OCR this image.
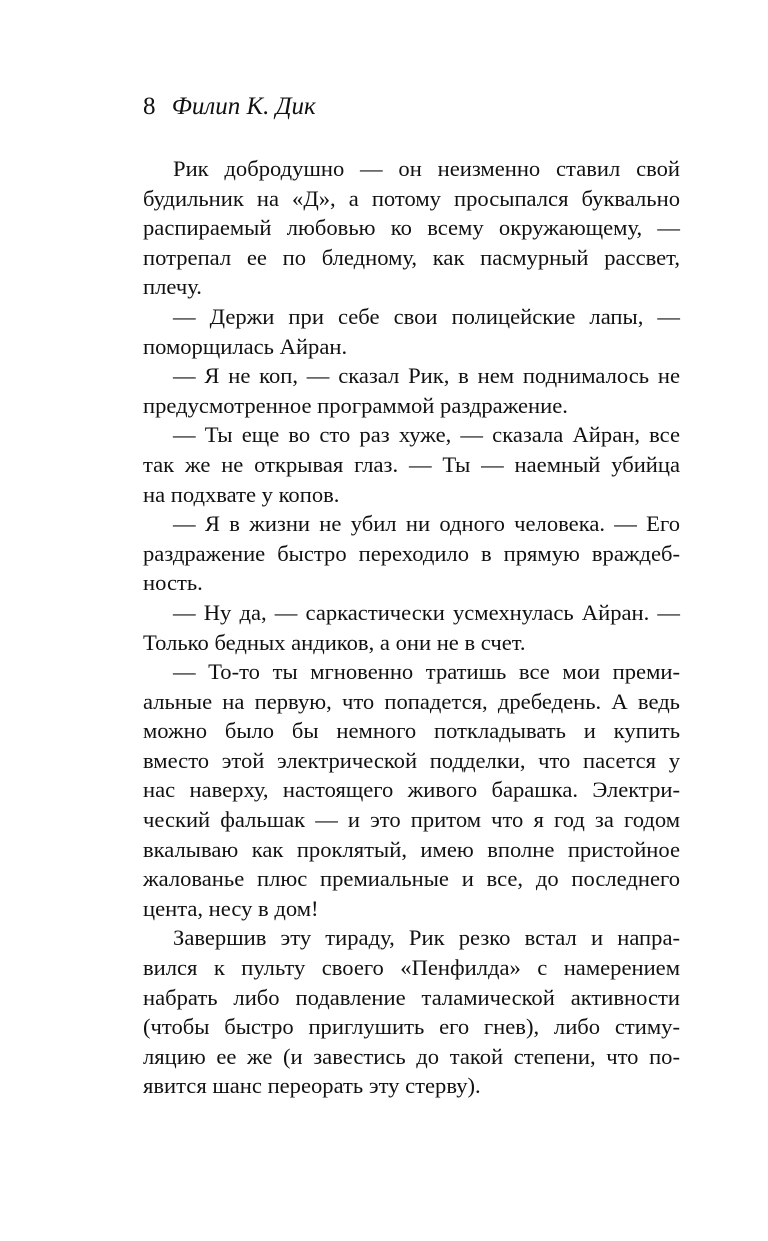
8 Филип К. Дик
Рик добродушно — он неизменно ставил свой
будильник на «Д», а потому просыпался буквально
распираемый любовью ко всему окружающему, —
потрепал ее по бледному, как пасмурный рассвет,
плечу.
— Держи при себе свои полицейские лапы, —
поморщилась Айран.
— Я не коп, — сказал Рик, в нем поднималось не
предусмотренное программой раздражение.
— Ты еще во сто раз хуже, — сказала Айран, все
так же не открывая глаз. — Ты — наемный убийца
на подхвате у копов.
— Я в жизни не убил ни одного человека. — Его
раздражение быстро переходило в прямую враждеб-
ность.
— Ну да, — саркастически усмехнулась Айран. —
Только бедных андиков, а они не в счет.
— То-то ты мгновенно тратишь все мои преми-
альные на первую, что попадется, дребедень. А ведь
можно было бы немного поткладывать и купить
вместо этой электрической подделки, что пасется у
нас наверху, настоящего живого барашка. Электри-
ческий фальшак — и это притом что я год за годом
вкалываю как проклятый, имею вполне пристойное
жалованье плюс премиальные и все, до последнего
цента, несу в дом!
Завершив эту тираду, Рик резко встал и напра-
вился к пульту своего «Пенфилда» с намерением
набрать либо подавление таламической активности
(чтобы быстро приглушить его гнев), либо стиму-
ляцию ее же (и завестись до такой степени, что по-
явится шанс переорать эту стерву).
